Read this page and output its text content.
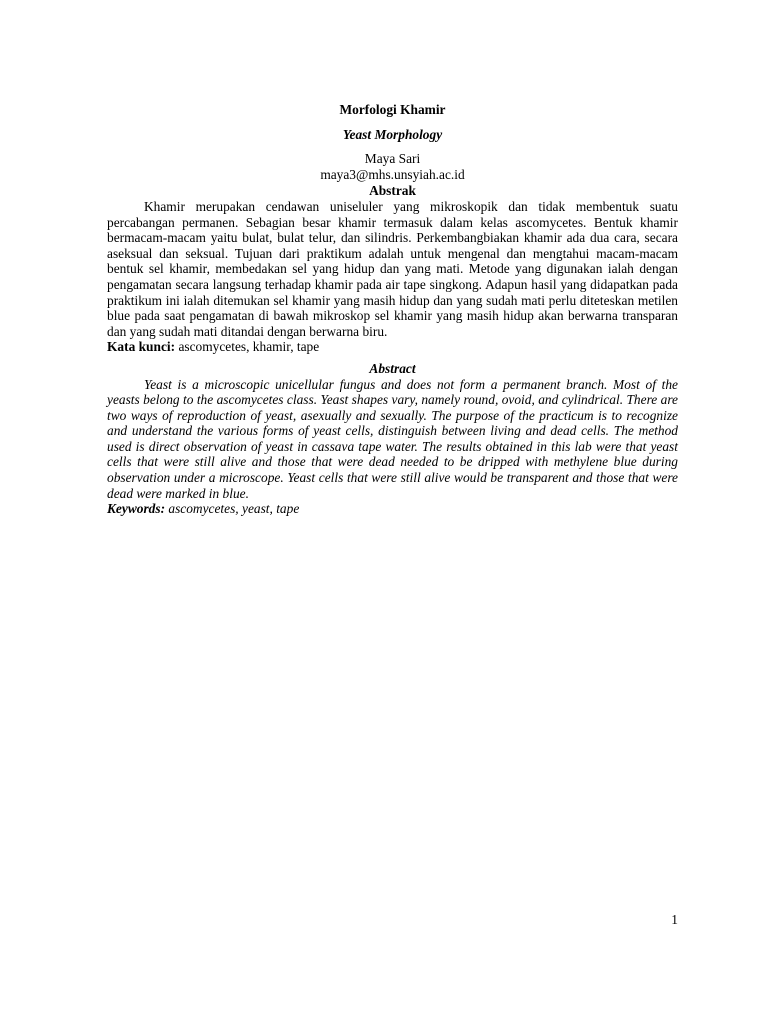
Morfologi Khamir
Yeast Morphology
Maya Sari
maya3@mhs.unsyiah.ac.id
Abstrak

Khamir merupakan cendawan uniseluler yang mikroskopik dan tidak membentuk suatu percabangan permanen. Sebagian besar khamir termasuk dalam kelas ascomycetes. Bentuk khamir bermacam-macam yaitu bulat, bulat telur, dan silindris. Perkembangbiakan khamir ada dua cara, secara aseksual dan seksual. Tujuan dari praktikum adalah untuk mengenal dan mengtahui macam-macam bentuk sel khamir, membedakan sel yang hidup dan yang mati. Metode yang digunakan ialah dengan pengamatan secara langsung terhadap khamir pada air tape singkong. Adapun hasil yang didapatkan pada praktikum ini ialah ditemukan sel khamir yang masih hidup dan yang sudah mati perlu diteteskan metilen blue pada saat pengamatan di bawah mikroskop sel khamir yang masih hidup akan berwarna transparan dan yang sudah mati ditandai dengan berwarna biru.

Kata kunci: ascomycetes, khamir, tape

Abstract

Yeast is a microscopic unicellular fungus and does not form a permanent branch. Most of the yeasts belong to the ascomycetes class. Yeast shapes vary, namely round, ovoid, and cylindrical. There are two ways of reproduction of yeast, asexually and sexually. The purpose of the practicum is to recognize and understand the various forms of yeast cells, distinguish between living and dead cells. The method used is direct observation of yeast in cassava tape water. The results obtained in this lab were that yeast cells that were still alive and those that were dead needed to be dripped with methylene blue during observation under a microscope. Yeast cells that were still alive would be transparent and those that were dead were marked in blue.

Keywords: ascomycetes, yeast, tape

1
